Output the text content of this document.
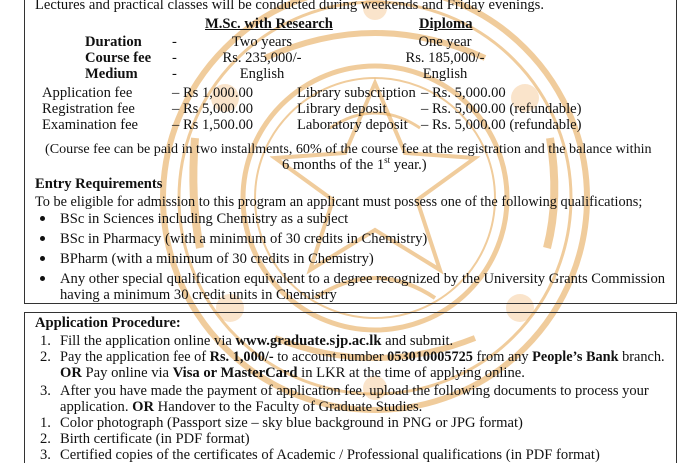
Lectures and practical classes will be conducted during weekends and Friday evenings.
M.Sc. with Research	Diploma
Duration -	Two years	One year
Course fee -	Rs. 235,000/-	Rs. 185,000/-
Medium -	English	English
Application fee	– Rs 1,000.00	Library subscription – Rs. 5,000.00
Registration fee	– Rs 5,000.00	Library deposit – Rs. 5,000.00 (refundable)
Examination fee – Rs 1,500.00	Laboratory deposit – Rs. 5,000.00 (refundable)
(Course fee can be paid in two installments, 60% of the course fee at the registration and the balance within
6 months of the 1st year.)
Entry Requirements
To be eligible for admission to this program an applicant must possess one of the following qualifications;
BSc in Sciences including Chemistry as a subject
BSc in Pharmacy (with a minimum of 30 credits in Chemistry)
BPharm (with a minimum of 30 credits in Chemistry)
Any other special qualification equivalent to a degree recognized by the University Grants Commission
having a minimum 30 credit units in Chemistry
Application Procedure:
1. Fill the application online via www.graduate.sjp.ac.lk and submit.
2. Pay the application fee of Rs. 1,000/- to account number 053010005725 from any People’s Bank branch.
OR Pay online via Visa or MasterCard in LKR at the time of applying online.
3. After you have made the payment of application fee, upload the following documents to process your
application. OR Handover to the Faculty of Graduate Studies.
1. Color photograph (Passport size – sky blue background in PNG or JPG format)
2. Birth certificate (in PDF format)
3. Certified copies of the certificates of Academic / Professional qualifications (in PDF format)
